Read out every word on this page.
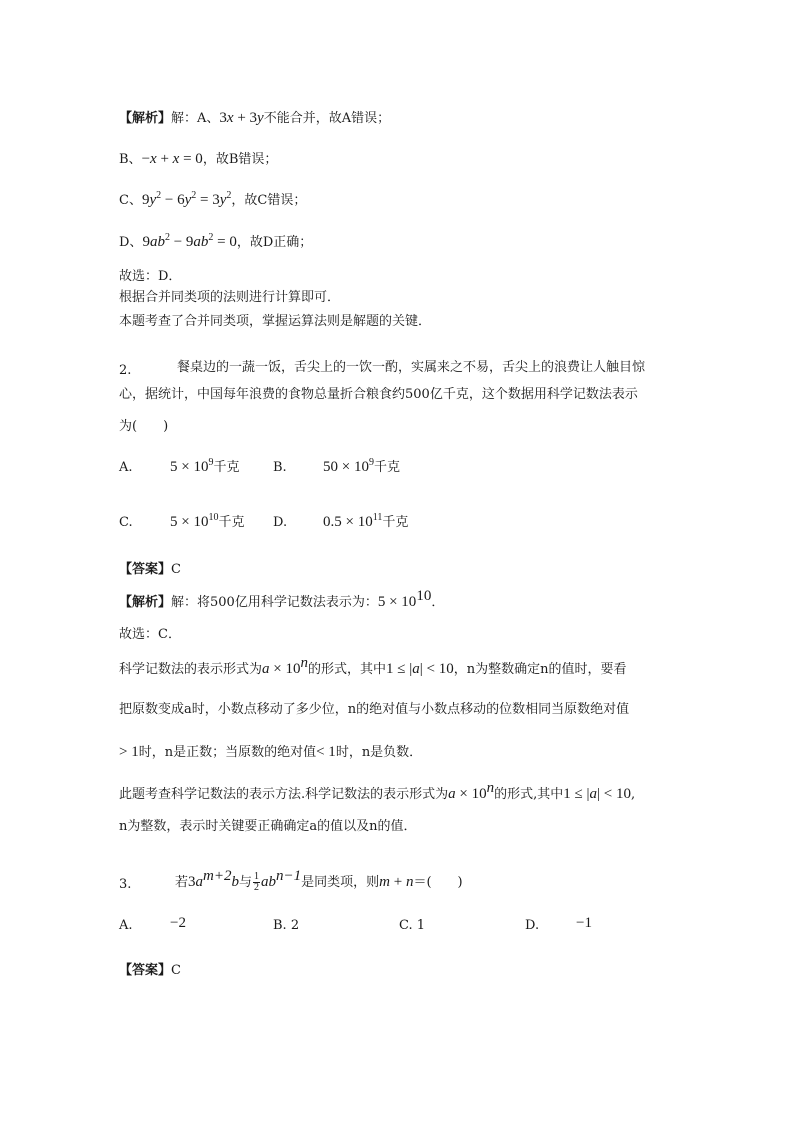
【解析】解：A、3x + 3y不能合并，故A错误；
B、−x + x = 0，故B错误；
C、$9y^2 - 6y^2 = 3y^2$，故C错误；
D、$9ab^2 - 9ab^2 = 0$，故D正确；
故选：D．
根据合并同类项的法则进行计算即可．
本题考查了合并同类项，掌握运算法则是解题的关键．
2.	餐桌边的一蔬一饭，舌尖上的一饮一酌，实属来之不易，舌尖上的浪费让人触目惊
心，据统计，中国每年浪费的食物总量折合粮食约500亿千克，这个数据用科学记数法表示
为(　　)
A. $5 \times 10^9$千克	B. $50 \times 10^9$千克
C. $5 \times 10^{10}$千克 D. $0.5 \times 10^{11}$千克
【答案】C
【解析】解：将500亿用科学记数法表示为：$5 \times 10^{10}$．
故选：C．
科学记数法的表示形式为$a \times 10^n$的形式，其中1 ≤ |a| < 10，n为整数确定n的值时，要看
把原数变成a时，小数点移动了多少位，n的绝对值与小数点移动的位数相同当原数绝对值
> 1时，n是正数；当原数的绝对值< 1时，n是负数．
此题考查科学记数法的表示方法.科学记数法的表示形式为$a \times 10^n$的形式,其中1 ≤ |a| < 10,
n为整数，表示时关键要正确确定a的值以及n的值．
3.	若$3a^{m+2}b$与 $\frac{1}{2} ab^{n-1}$是同类项，则m + n＝(　　)
A. −2	B. 2	C. 1	D. −1
【答案】C
